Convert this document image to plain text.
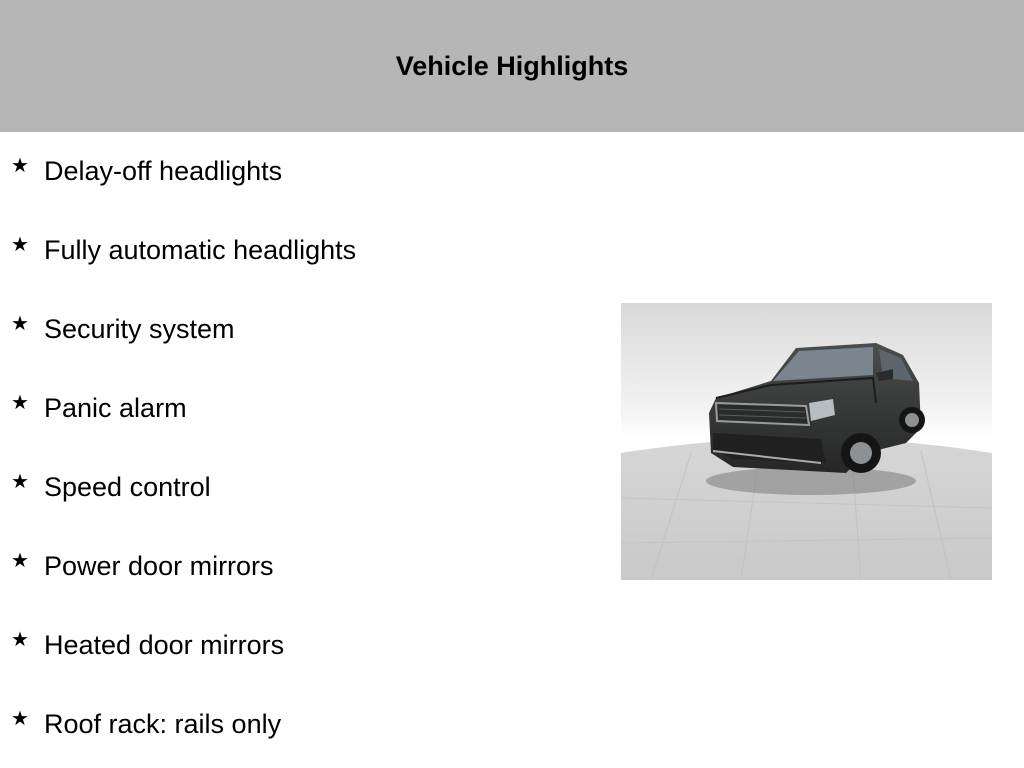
Vehicle Highlights
★ Delay-off headlights
★ Fully automatic headlights
★ Security system
★ Panic alarm
★ Speed control
★ Power door mirrors
★ Heated door mirrors
★ Roof rack: rails only
